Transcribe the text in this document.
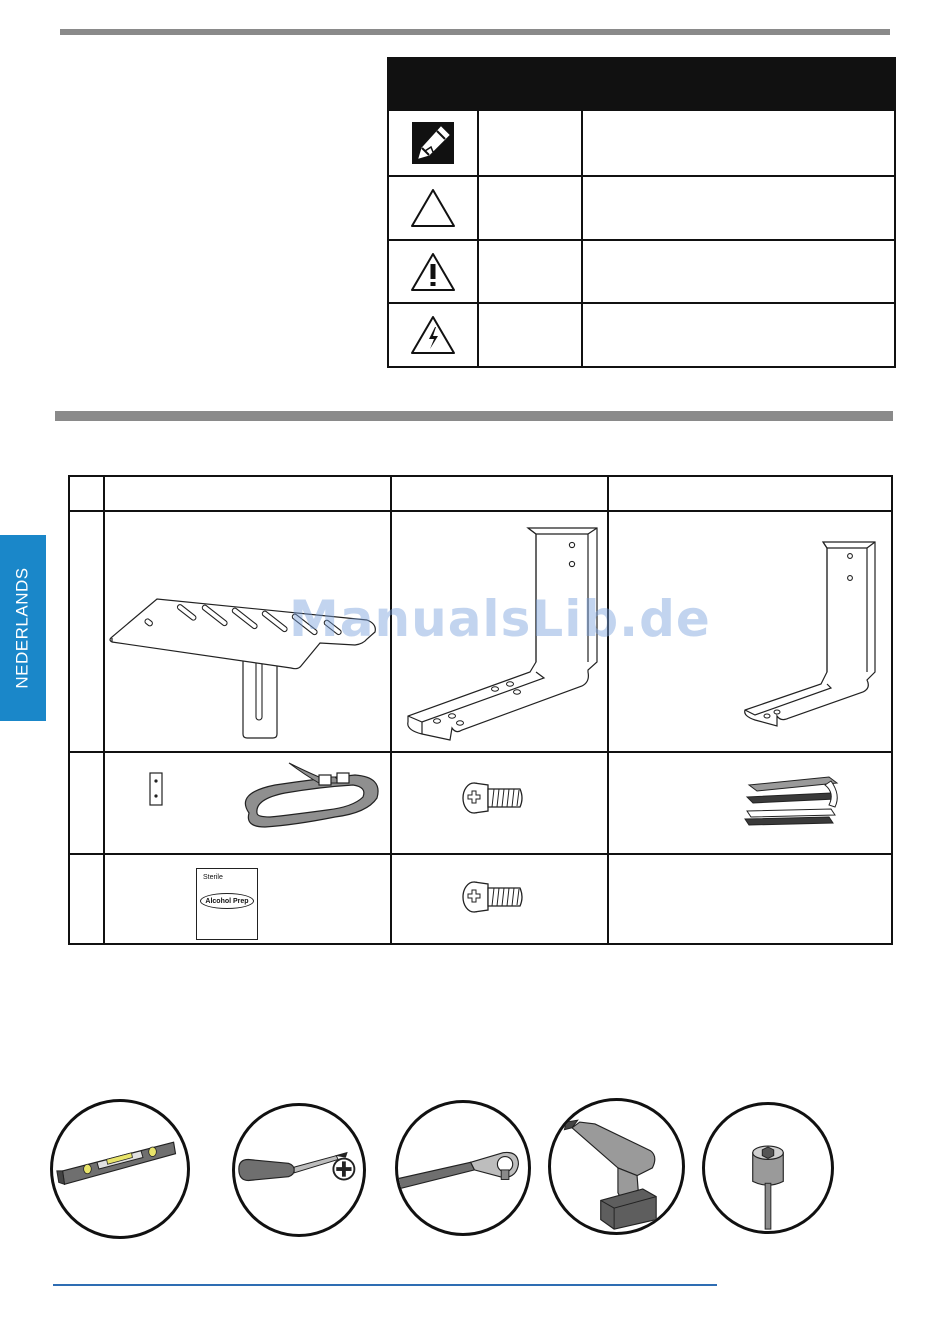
NEDERLANDS
Sterile
Alcohol Prep
ManualsLib.de
